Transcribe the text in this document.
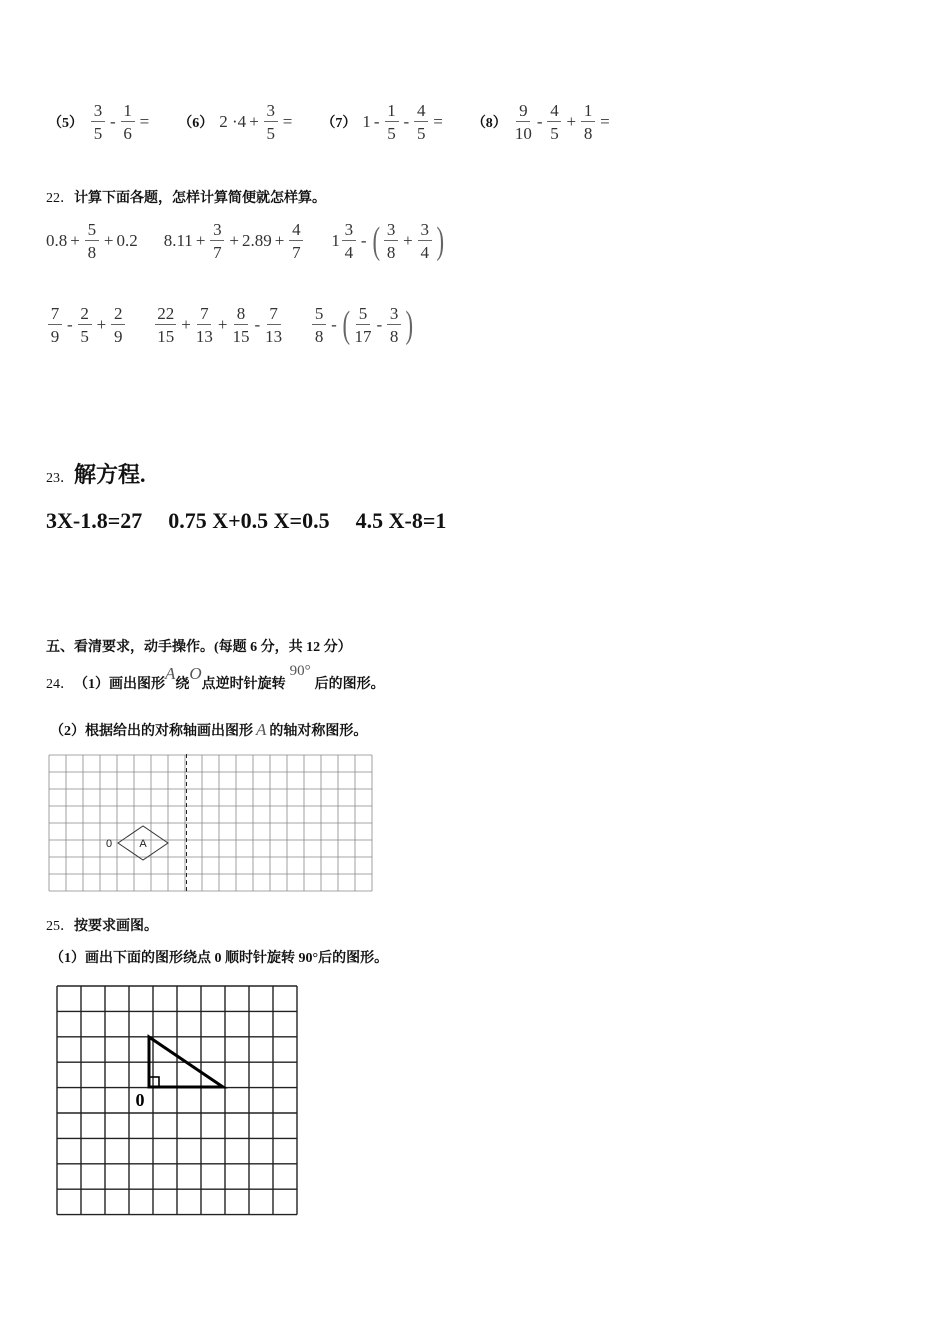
$(5) \frac{3}{5} - \frac{1}{6} = (6)$ $2 \cdot 4 + \frac{3}{5} = (7)$ $1 - \frac{1}{5} - \frac{4}{5} = (8) \frac{9}{10} - \frac{4}{5} + \frac{1}{8}$ =
22．计算下面各题，怎样计算简便就怎样算。
$0.8 + \frac{5}{8} + 0.2$ $8.11 + \frac{3}{7} + 2.89 + \frac{4}{7} 1 \frac{3}{4}$ - ( $\frac{3}{8} + \frac{3}{4}$ )
$\frac{7}{9} - \frac{2}{5} + \frac{2}{9} \frac{22}{15} + \frac{7}{13} + \frac{8}{15} - \frac{7}{13} \frac{5}{8}$ - ( $\frac{5}{17} - \frac{3}{8}$ )
23．解方程.
3X-1.8=27 0.75 X+0.5 X=0.5 4.5 X-8=1
五、看清要求，动手操作。(每题 6 分，共 12 分）
24． （1）画出图形
A
绕
O
点逆时针旋转
90°
后的图形。
（2）根据给出的对称轴画出图形 A 的轴对称图形。
A
0
25．按要求画图。
（1）画出下面的图形绕点 0 顺时针旋转 90°后的图形。
0
